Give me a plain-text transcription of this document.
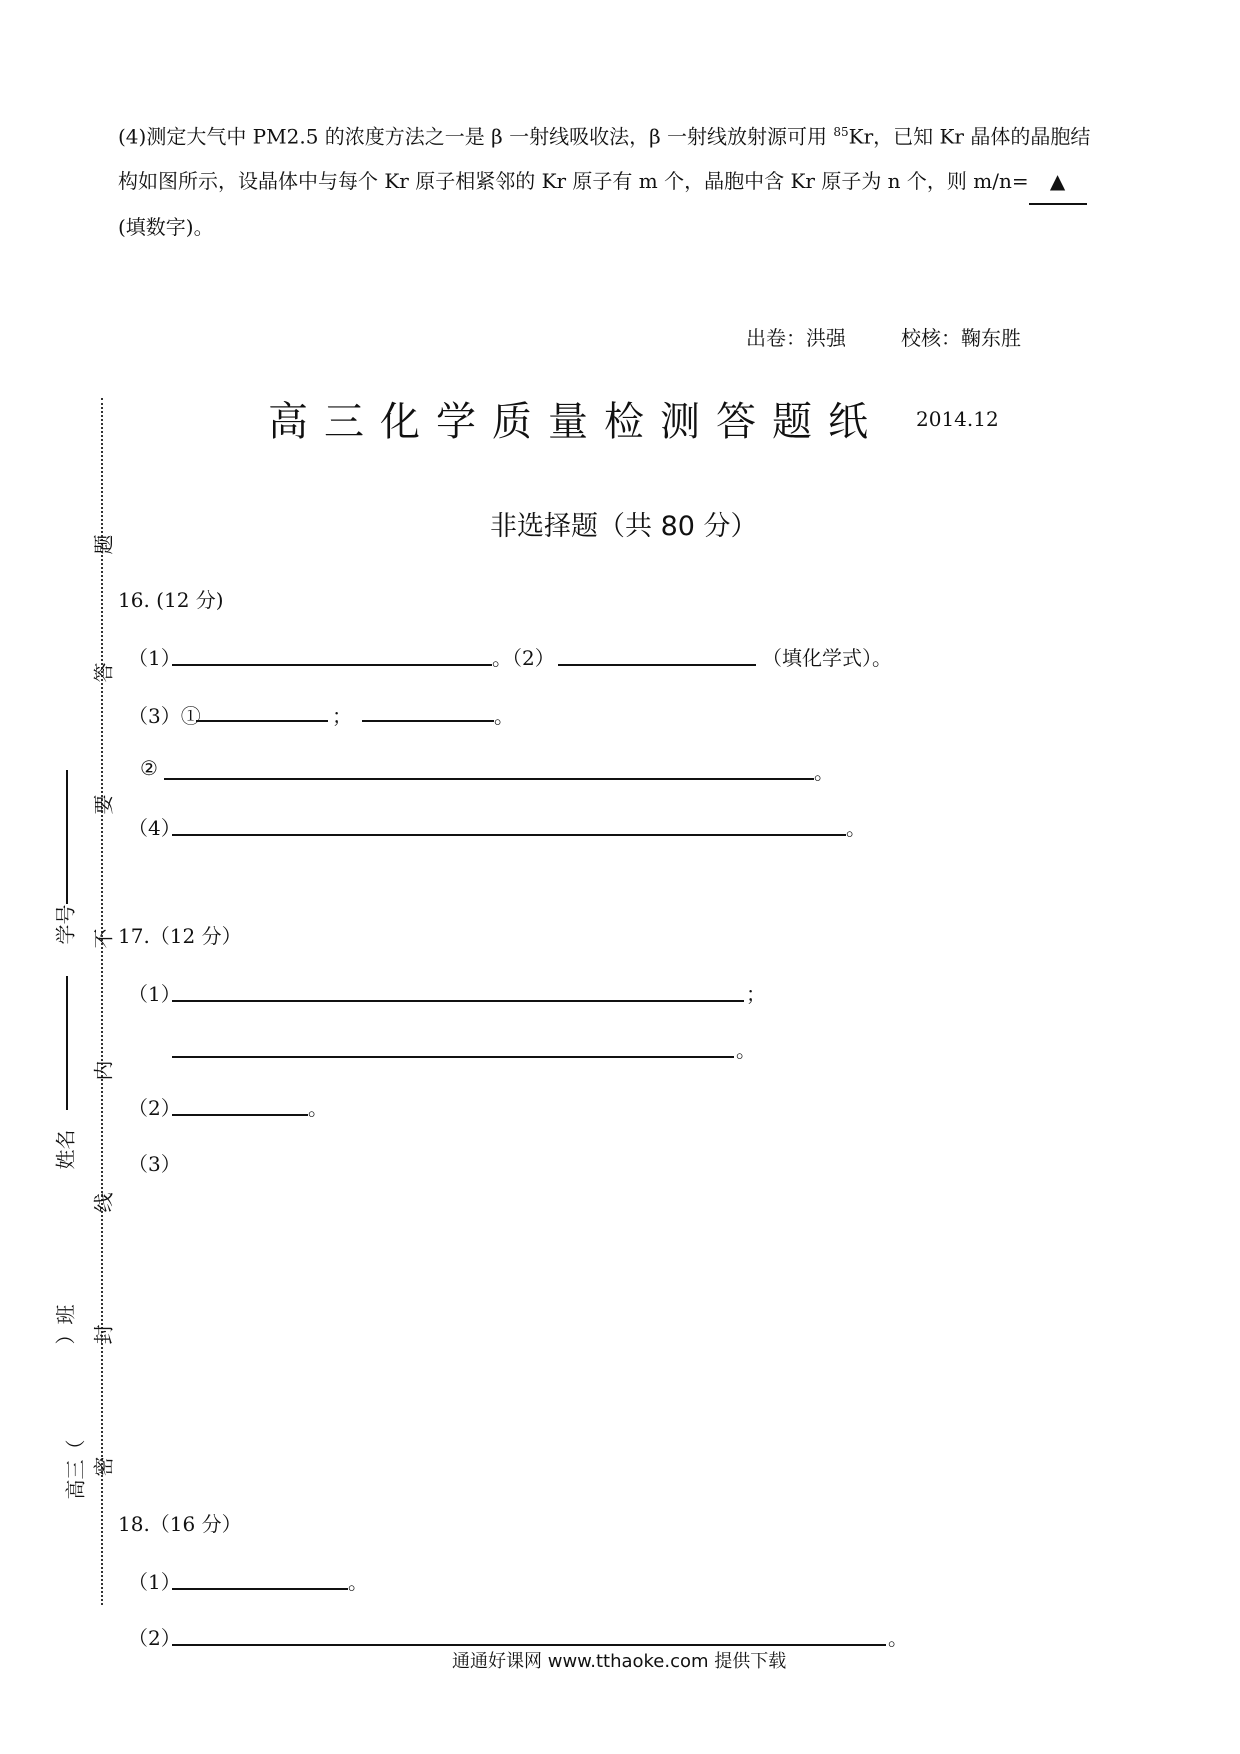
(4)测定大气中 PM2.5 的浓度方法之一是 β 一射线吸收法，β 一射线放射源可用 $^{85}$Kr，已知 Kr 晶体的晶胞结
构如图所示，设晶体中与每个 Kr 原子相紧邻的 Kr 原子有 m 个，晶胞中含 Kr 原子为 n 个，则 m/n= ▲
(填数字)。
出卷：洪强	校核：鞠东胜
高三化学质量检测答题纸 2014.12
非选择题（共 80 分）
16. (12 分)
（1）	。（2）	（填化学式）。
（3）①	；	。
②	。
（4）	。
17.（12 分）
（1）	；
。
（2）	。
（3）
18.（16 分）
（1）	。
（2）	。
题
答
要
不
内
线
封
密
学号
姓名
）班
高三（
通通好课网 www.tthaoke.com 提供下载
